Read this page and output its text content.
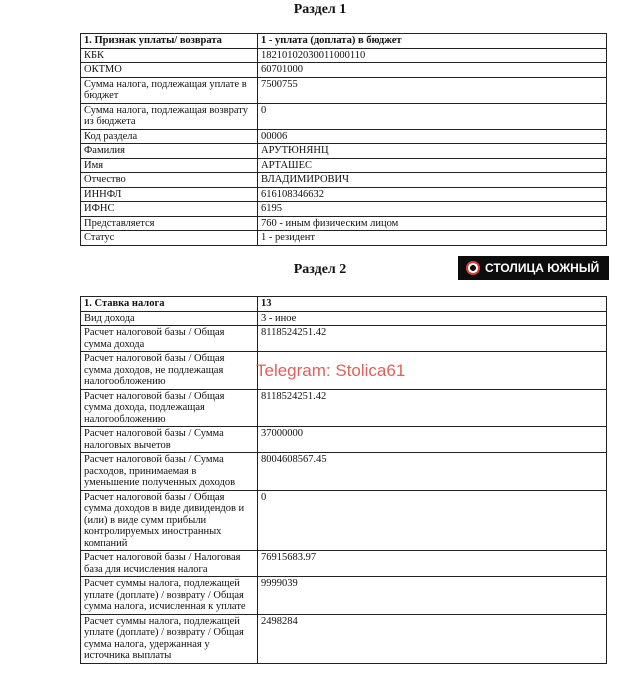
Раздел 1
1. Признак уплаты/ возврата	1 - уплата (доплата) в бюджет
КБК	18210102030011000110
ОКТМО	60701000
Сумма налога, подлежащая уплате в бюджет	7500755
Сумма налога, подлежащая возврату из бюджета	0
Код раздела	00006
Фамилия	АРУТЮНЯНЦ
Имя	АРТАШЕС
Отчество	ВЛАДИМИРОВИЧ
ИННФЛ	616108346632
ИФНС	6195
Представляется	760 - иным физическим лицом
Статус	1 - резидент
Раздел 2	СТОЛИЦА ЮЖНЫЙ
1. Ставка налога	13
Вид дохода	3 - иное
Расчет налоговой базы / Общая сумма дохода	8118524251.42
Расчет налоговой базы / Общая сумма доходов, не подлежащая налогообложению	
Расчет налоговой базы / Общая сумма дохода, подлежащая налогообложению	8118524251.42
Расчет налоговой базы / Сумма налоговых вычетов	37000000
Расчет налоговой базы / Сумма расходов, принимаемая в уменьшение полученных доходов	8004608567.45
Расчет налоговой базы / Общая сумма доходов в виде дивидендов и (или) в виде сумм прибыли контролируемых иностранных компаний	0
Расчет налоговой базы / Налоговая база для исчисления налога	76915683.97
Расчет суммы налога, подлежащей уплате (доплате) / возврату / Общая сумма налога, исчисленная к уплате	9999039
Расчет суммы налога, подлежащей уплате (доплате) / возврату / Общая сумма налога, удержанная у источника выплаты	2498284
Telegram: Stolica61
